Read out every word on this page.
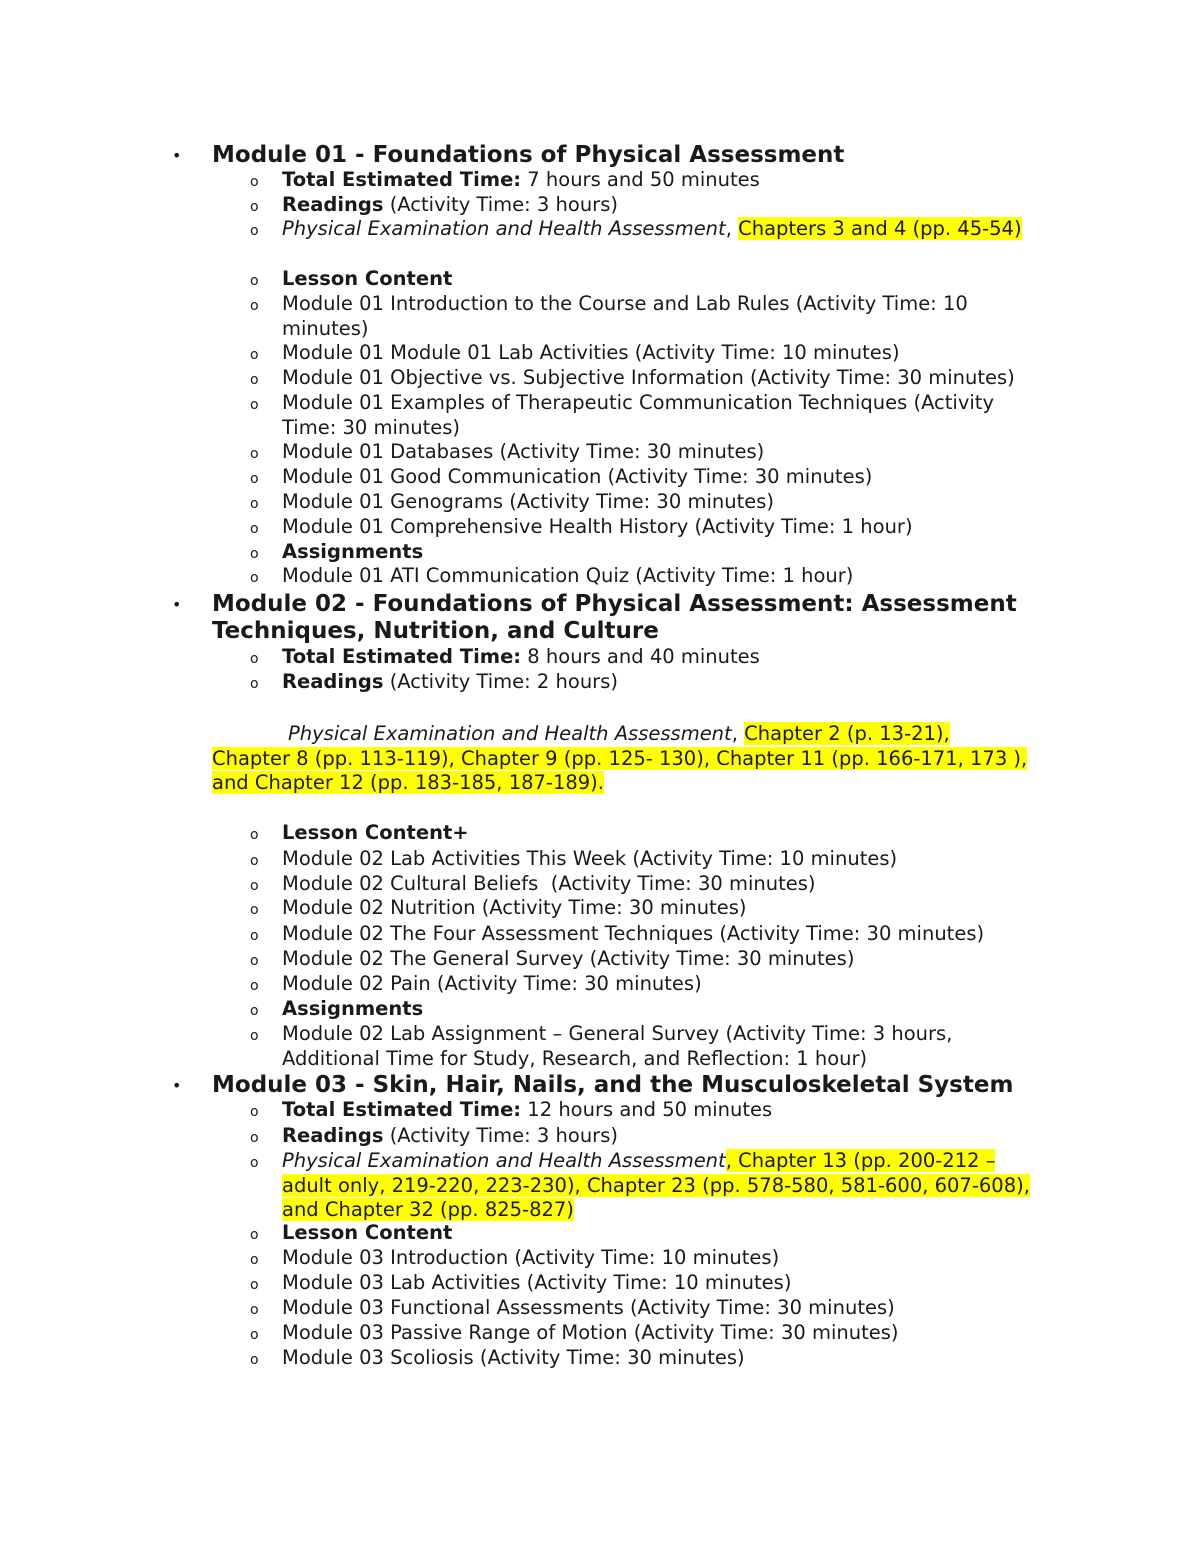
• Module 01 - Foundations of Physical Assessment
o Total Estimated Time: 7 hours and 50 minutes
o Readings (Activity Time: 3 hours)
o Physical Examination and Health Assessment, Chapters 3 and 4 (pp. 45-54)
o Lesson Content
o Module 01 Introduction to the Course and Lab Rules (Activity Time: 10 minutes)
o Module 01 Module 01 Lab Activities (Activity Time: 10 minutes)
o Module 01 Objective vs. Subjective Information (Activity Time: 30 minutes)
o Module 01 Examples of Therapeutic Communication Techniques (Activity Time: 30 minutes)
o Module 01 Databases (Activity Time: 30 minutes)
o Module 01 Good Communication (Activity Time: 30 minutes)
o Module 01 Genograms (Activity Time: 30 minutes)
o Module 01 Comprehensive Health History (Activity Time: 1 hour)
o Assignments
o Module 01 ATI Communication Quiz (Activity Time: 1 hour)
• Module 02 - Foundations of Physical Assessment: Assessment Techniques, Nutrition, and Culture
o Total Estimated Time: 8 hours and 40 minutes
o Readings (Activity Time: 2 hours)
Physical Examination and Health Assessment, Chapter 2 (p. 13-21), Chapter 8 (pp. 113-119), Chapter 9 (pp. 125- 130), Chapter 11 (pp. 166-171, 173 ), and Chapter 12 (pp. 183-185, 187-189).
o Lesson Content+
o Module 02 Lab Activities This Week (Activity Time: 10 minutes)
o Module 02 Cultural Beliefs  (Activity Time: 30 minutes)
o Module 02 Nutrition (Activity Time: 30 minutes)
o Module 02 The Four Assessment Techniques (Activity Time: 30 minutes)
o Module 02 The General Survey (Activity Time: 30 minutes)
o Module 02 Pain (Activity Time: 30 minutes)
o Assignments
o Module 02 Lab Assignment – General Survey (Activity Time: 3 hours, Additional Time for Study, Research, and Reflection: 1 hour)
• Module 03 - Skin, Hair, Nails, and the Musculoskeletal System
o Total Estimated Time: 12 hours and 50 minutes
o Readings (Activity Time: 3 hours)
o Physical Examination and Health Assessment, Chapter 13 (pp. 200-212 – adult only, 219-220, 223-230), Chapter 23 (pp. 578-580, 581-600, 607-608), and Chapter 32 (pp. 825-827)
o Lesson Content
o Module 03 Introduction (Activity Time: 10 minutes)
o Module 03 Lab Activities (Activity Time: 10 minutes)
o Module 03 Functional Assessments (Activity Time: 30 minutes)
o Module 03 Passive Range of Motion (Activity Time: 30 minutes)
o Module 03 Scoliosis (Activity Time: 30 minutes)
